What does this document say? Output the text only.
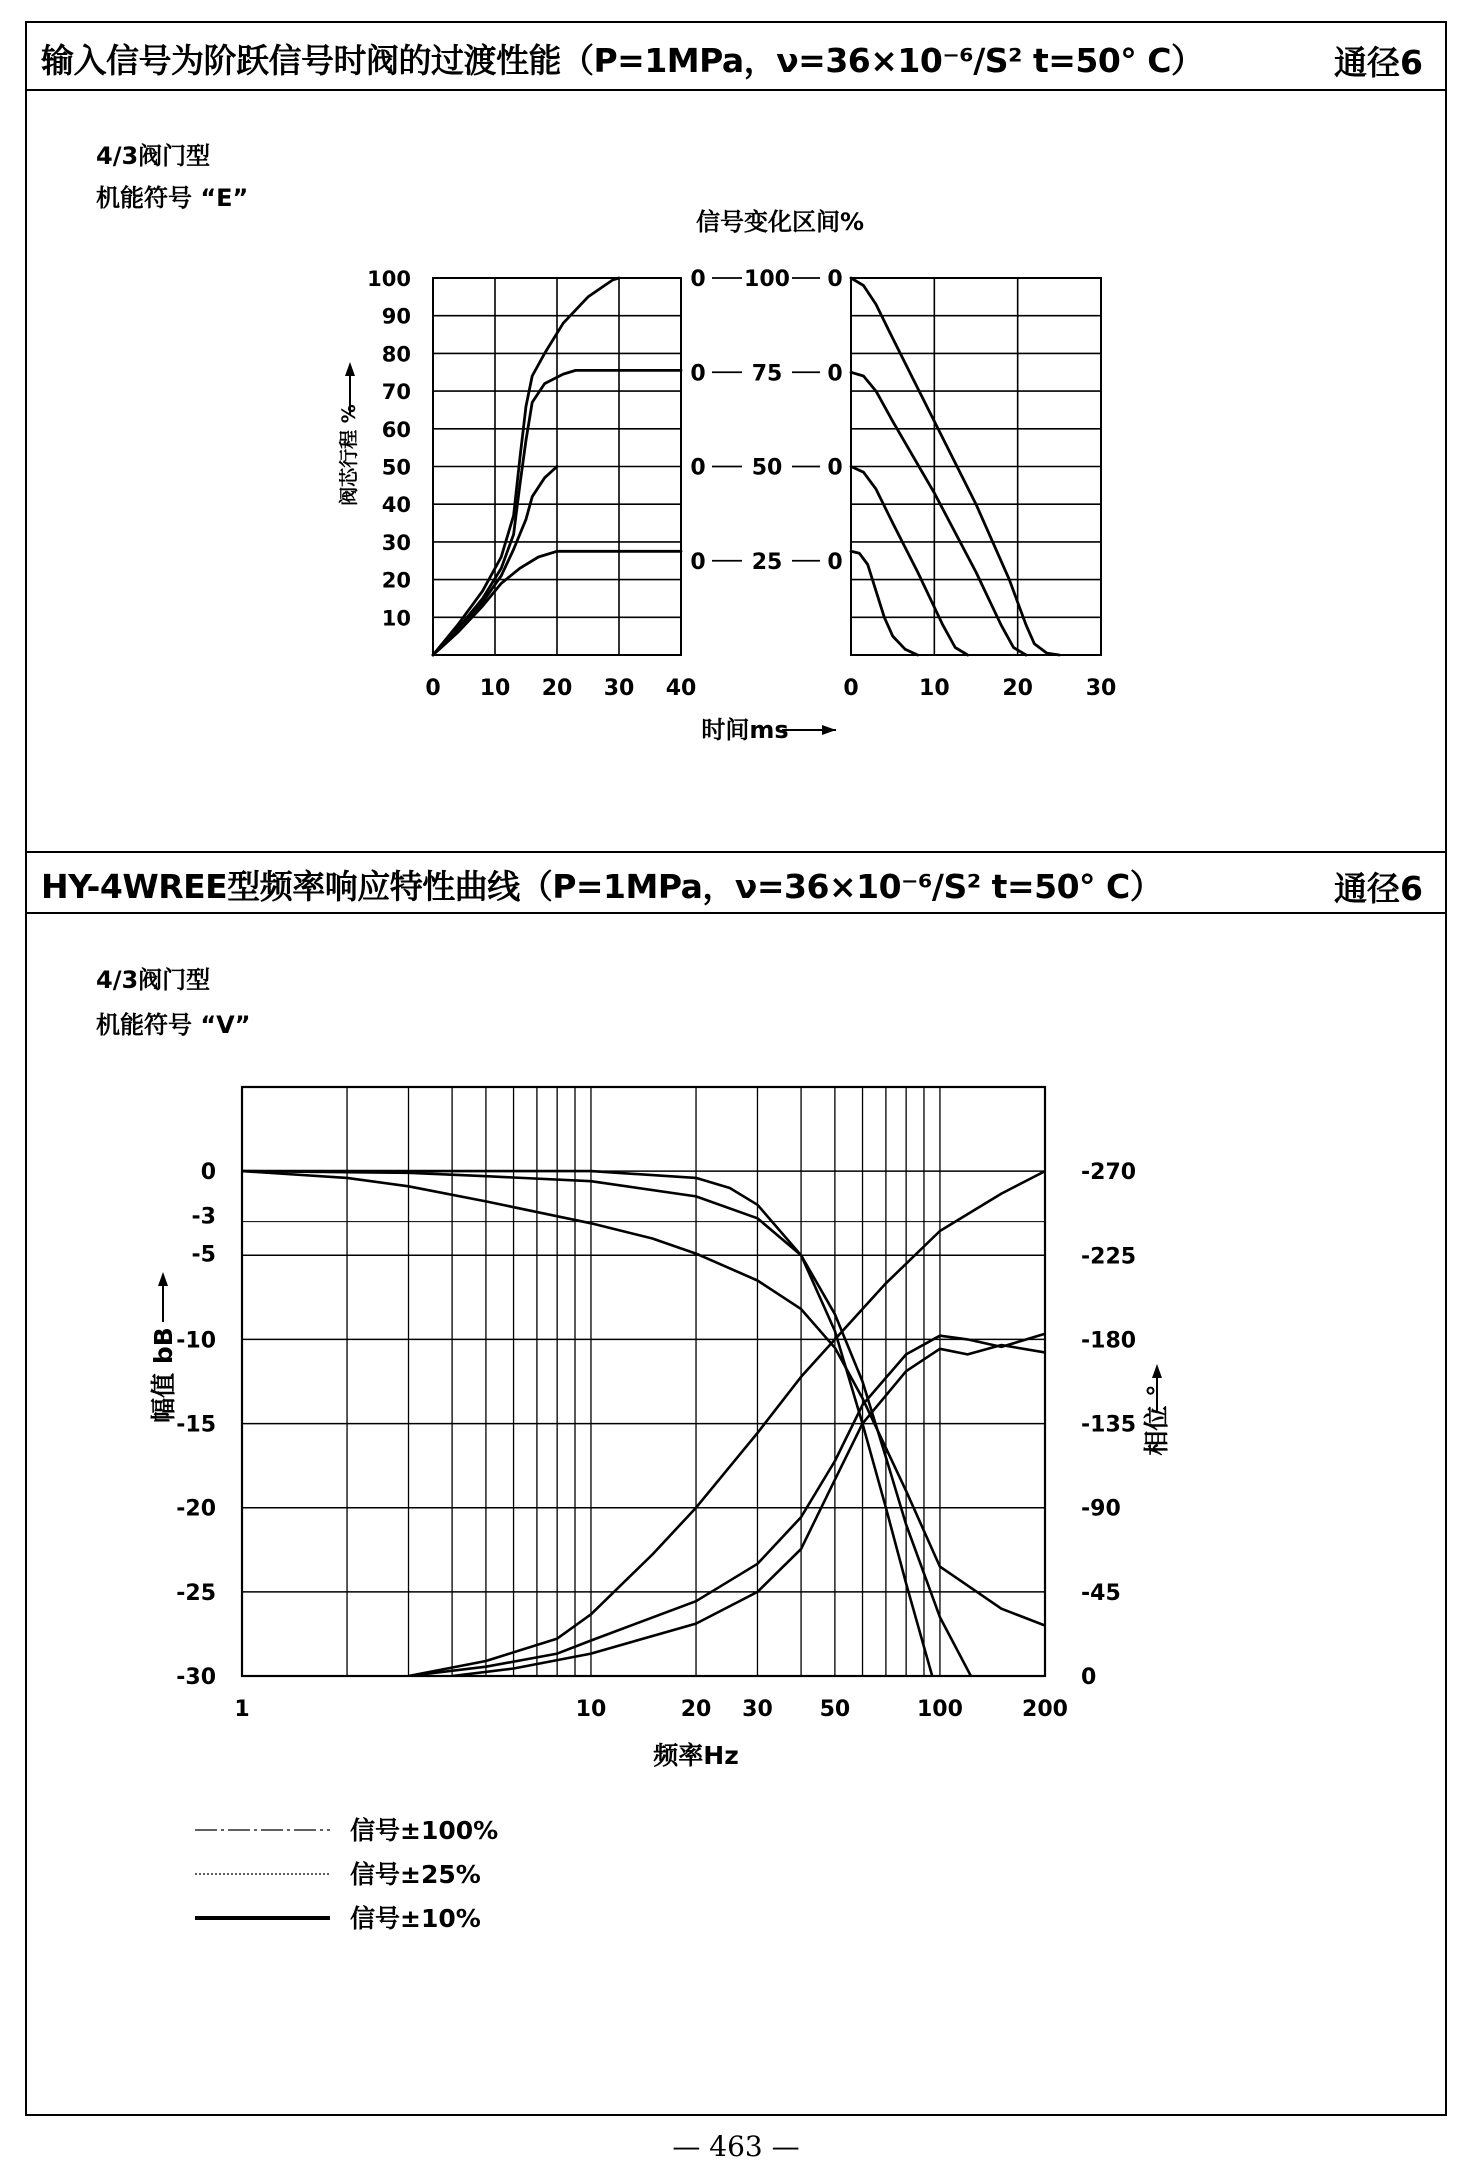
输入信号为阶跃信号时阀的过渡性能（P=1MPa，ν=36×10⁻⁶/S² t=50° C）	通径6
HY-4WREE型频率响应特性曲线（P=1MPa，ν=36×10⁻⁶/S² t=50° C）	通径6
4/3阀门型
机能符号 “E”
4/3阀门型
机能符号 “V”
10
20
30
40
50
60
70
80
90
100
0 10 20 30 40	0	10 20 30
信号变化区间%
时间ms
阀芯行程 %
0 100 0
0 75 0
0 50 0
0 25 0
0
-3
-5
-10
-15
-20
-25
-30
-270
-225
-180
-135
-90
-45
0
1	10	20 30 50	100	200
频率Hz
幅值 bB	相位 °
信号±100%
信号±25%
信号±10%
— 463 —
